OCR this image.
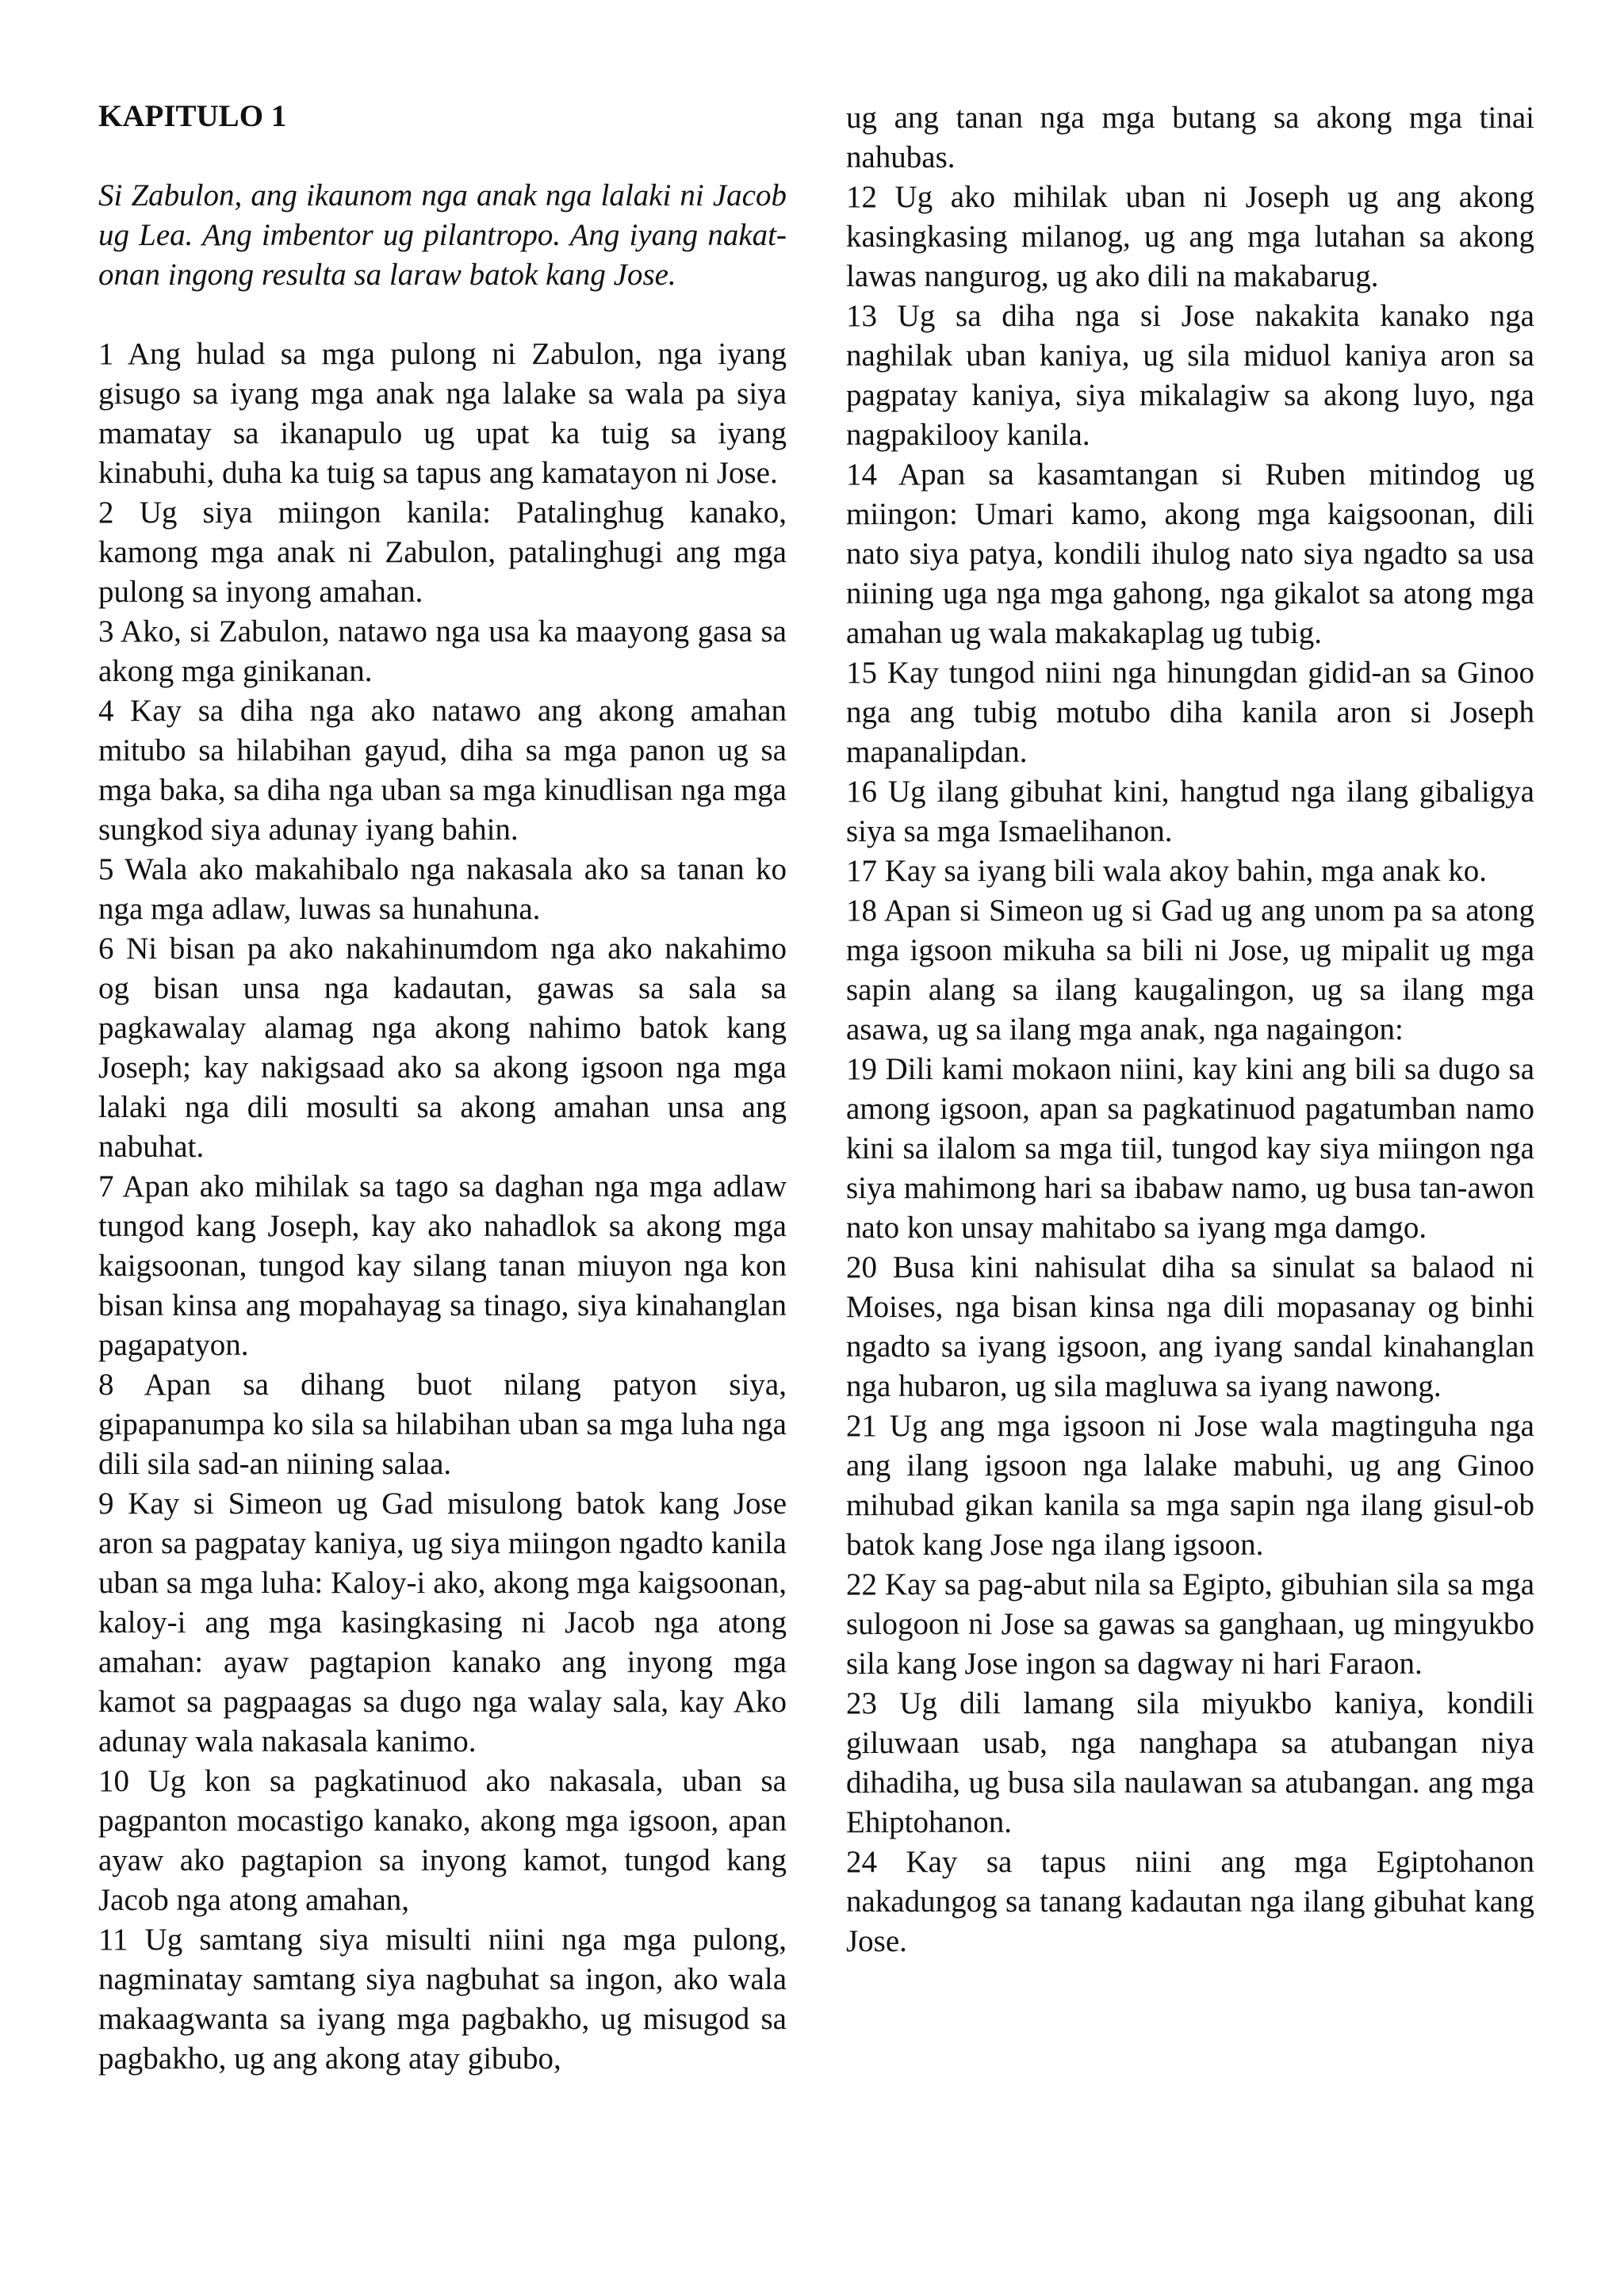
KAPITULO 1

Si Zabulon, ang ikaunom nga anak nga lalaki ni Jacob ug Lea. Ang imbentor ug pilantropo. Ang iyang nakat-onan ingong resulta sa laraw batok kang Jose.

1 Ang hulad sa mga pulong ni Zabulon, nga iyang gisugo sa iyang mga anak nga lalake sa wala pa siya mamatay sa ikanapulo ug upat ka tuig sa iyang kinabuhi, duha ka tuig sa tapus ang kamatayon ni Jose.

2 Ug siya miingon kanila: Patalinghug kanako, kamong mga anak ni Zabulon, patalinghugi ang mga pulong sa inyong amahan.

3 Ako, si Zabulon, natawo nga usa ka maayong gasa sa akong mga ginikanan.

4 Kay sa diha nga ako natawo ang akong amahan mitubo sa hilabihan gayud, diha sa mga panon ug sa mga baka, sa diha nga uban sa mga kinudlisan nga mga sungkod siya adunay iyang bahin.

5 Wala ako makahibalo nga nakasala ako sa tanan ko nga mga adlaw, luwas sa hunahuna.

6 Ni bisan pa ako nakahinumdom nga ako nakahimo og bisan unsa nga kadautan, gawas sa sala sa pagkawalay alamag nga akong nahimo batok kang Joseph; kay nakigsaad ako sa akong igsoon nga mga lalaki nga dili mosulti sa akong amahan unsa ang nabuhat.

7 Apan ako mihilak sa tago sa daghan nga mga adlaw tungod kang Joseph, kay ako nahadlok sa akong mga kaigsoonan, tungod kay silang tanan miuyon nga kon bisan kinsa ang mopahayag sa tinago, siya kinahanglan pagapatyon.

8 Apan sa dihang buot nilang patyon siya, gipapanumpa ko sila sa hilabihan uban sa mga luha nga dili sila sad-an niining salaa.

9 Kay si Simeon ug Gad misulong batok kang Jose aron sa pagpatay kaniya, ug siya miingon ngadto kanila uban sa mga luha: Kaloy-i ako, akong mga kaigsoonan, kaloy-i ang mga kasingkasing ni Jacob nga atong amahan: ayaw pagtapion kanako ang inyong mga kamot sa pagpaagas sa dugo nga walay sala, kay Ako adunay wala nakasala kanimo.

10 Ug kon sa pagkatinuod ako nakasala, uban sa pagpanton mocastigo kanako, akong mga igsoon, apan ayaw ako pagtapion sa inyong kamot, tungod kang Jacob nga atong amahan,

11 Ug samtang siya misulti niini nga mga pulong, nagminatay samtang siya nagbuhat sa ingon, ako wala makaagwanta sa iyang mga pagbakho, ug misugod sa pagbakho, ug ang akong atay gibubo,

ug ang tanan nga mga butang sa akong mga tinai nahubas.

12 Ug ako mihilak uban ni Joseph ug ang akong kasingkasing milanog, ug ang mga lutahan sa akong lawas nangurog, ug ako dili na makabarug.

13 Ug sa diha nga si Jose nakakita kanako nga naghilak uban kaniya, ug sila miduol kaniya aron sa pagpatay kaniya, siya mikalagiw sa akong luyo, nga nagpakilooy kanila.

14 Apan sa kasamtangan si Ruben mitindog ug miingon: Umari kamo, akong mga kaigsoonan, dili nato siya patya, kondili ihulog nato siya ngadto sa usa niining uga nga mga gahong, nga gikalot sa atong mga amahan ug wala makakaplag ug tubig.

15 Kay tungod niini nga hinungdan gidid-an sa Ginoo nga ang tubig motubo diha kanila aron si Joseph mapanalipdan.

16 Ug ilang gibuhat kini, hangtud nga ilang gibaligya siya sa mga Ismaelihanon.

17 Kay sa iyang bili wala akoy bahin, mga anak ko.

18 Apan si Simeon ug si Gad ug ang unom pa sa atong mga igsoon mikuha sa bili ni Jose, ug mipalit ug mga sapin alang sa ilang kaugalingon, ug sa ilang mga asawa, ug sa ilang mga anak, nga nagaingon:

19 Dili kami mokaon niini, kay kini ang bili sa dugo sa among igsoon, apan sa pagkatinuod pagatumban namo kini sa ilalom sa mga tiil, tungod kay siya miingon nga siya mahimong hari sa ibabaw namo, ug busa tan-awon nato kon unsay mahitabo sa iyang mga damgo.

20 Busa kini nahisulat diha sa sinulat sa balaod ni Moises, nga bisan kinsa nga dili mopasanay og binhi ngadto sa iyang igsoon, ang iyang sandal kinahanglan nga hubaron, ug sila magluwa sa iyang nawong.

21 Ug ang mga igsoon ni Jose wala magtinguha nga ang ilang igsoon nga lalake mabuhi, ug ang Ginoo mihubad gikan kanila sa mga sapin nga ilang gisul-ob batok kang Jose nga ilang igsoon.

22 Kay sa pag-abut nila sa Egipto, gibuhian sila sa mga sulogoon ni Jose sa gawas sa ganghaan, ug mingyukbo sila kang Jose ingon sa dagway ni hari Faraon.

23 Ug dili lamang sila miyukbo kaniya, kondili giluwaan usab, nga nanghapa sa atubangan niya dihadiha, ug busa sila naulawan sa atubangan. ang mga Ehiptohanon.

24 Kay sa tapus niini ang mga Egiptohanon nakadungog sa tanang kadautan nga ilang gibuhat kang Jose.
